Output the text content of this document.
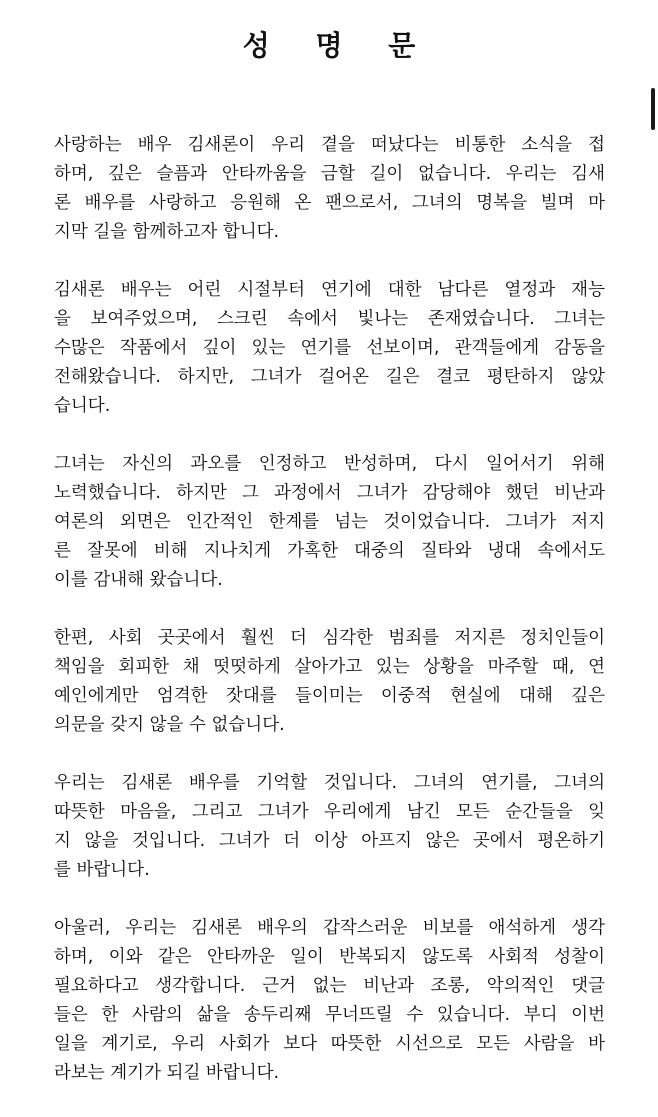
성 명 문
사랑하는 배우 김새론이 우리 곁을 떠났다는 비통한 소식을 접
하며, 깊은 슬픔과 안타까움을 금할 길이 없습니다. 우리는 김새
론 배우를 사랑하고 응원해 온 팬으로서, 그녀의 명복을 빌며 마
지막 길을 함께하고자 합니다.
김새론 배우는 어린 시절부터 연기에 대한 남다른 열정과 재능
을 보여주었으며, 스크린 속에서 빛나는 존재였습니다. 그녀는
수많은 작품에서 깊이 있는 연기를 선보이며, 관객들에게 감동을
전해왔습니다. 하지만, 그녀가 걸어온 길은 결코 평탄하지 않았
습니다.
그녀는 자신의 과오를 인정하고 반성하며, 다시 일어서기 위해
노력했습니다. 하지만 그 과정에서 그녀가 감당해야 했던 비난과
여론의 외면은 인간적인 한계를 넘는 것이었습니다. 그녀가 저지
른 잘못에 비해 지나치게 가혹한 대중의 질타와 냉대 속에서도
이를 감내해 왔습니다.
한편, 사회 곳곳에서 훨씬 더 심각한 범죄를 저지른 정치인들이
책임을 회피한 채 떳떳하게 살아가고 있는 상황을 마주할 때, 연
예인에게만 엄격한 잣대를 들이미는 이중적 현실에 대해 깊은
의문을 갖지 않을 수 없습니다.
우리는 김새론 배우를 기억할 것입니다. 그녀의 연기를, 그녀의
따뜻한 마음을, 그리고 그녀가 우리에게 남긴 모든 순간들을 잊
지 않을 것입니다. 그녀가 더 이상 아프지 않은 곳에서 평온하기
를 바랍니다.
아울러, 우리는 김새론 배우의 갑작스러운 비보를 애석하게 생각
하며, 이와 같은 안타까운 일이 반복되지 않도록 사회적 성찰이
필요하다고 생각합니다. 근거 없는 비난과 조롱, 악의적인 댓글
들은 한 사람의 삶을 송두리째 무너뜨릴 수 있습니다. 부디 이번
일을 계기로, 우리 사회가 보다 따뜻한 시선으로 모든 사람을 바
라보는 계기가 되길 바랍니다.
